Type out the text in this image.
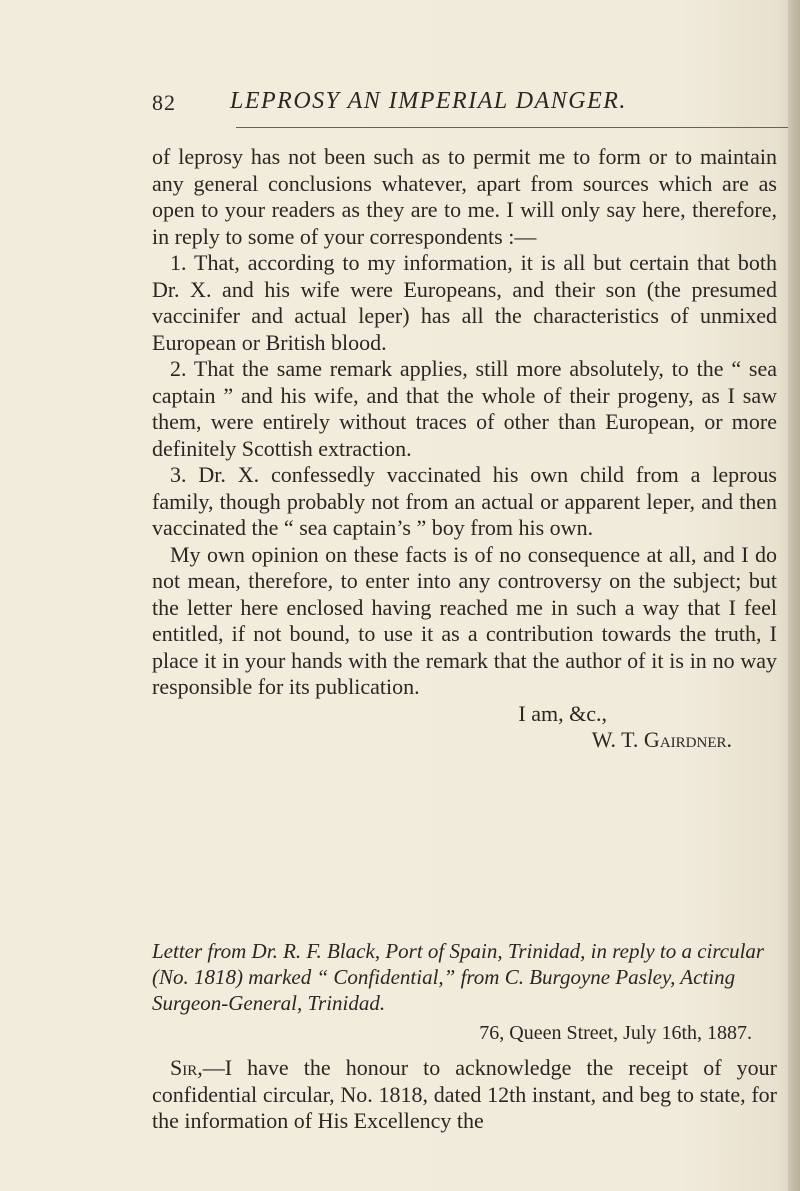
82 LEPROSY AN IMPERIAL DANGER.

of leprosy has not been such as to permit me to form or to maintain any general conclusions whatever, apart from sources which are as open to your readers as they are to me. I will only say here, therefore, in reply to some of your correspondents :—

1. That, according to my information, it is all but certain that both Dr. X. and his wife were Europeans, and their son (the presumed vaccinifer and actual leper) has all the characteristics of unmixed European or British blood.

2. That the same remark applies, still more absolutely, to the “ sea captain ” and his wife, and that the whole of their progeny, as I saw them, were entirely without traces of other than European, or more definitely Scottish extraction.

3. Dr. X. confessedly vaccinated his own child from a leprous family, though probably not from an actual or apparent leper, and then vaccinated the “ sea captain’s ” boy from his own.

My own opinion on these facts is of no consequence at all, and I do not mean, therefore, to enter into any controversy on the subject; but the letter here enclosed having reached me in such a way that I feel entitled, if not bound, to use it as a contribution towards the truth, I place it in your hands with the remark that the author of it is in no way responsible for its publication.

I am, &c.,
W. T. Gairdner.

Letter from Dr. R. F. Black, Port of Spain, Trinidad, in reply to a circular (No. 1818) marked “ Confidential,” from C. Burgoyne Pasley, Acting Surgeon-General, Trinidad.
76, Queen Street, July 16th, 1887.
Sir,—I have the honour to acknowledge the receipt of your confidential circular, No. 1818, dated 12th instant, and beg to state, for the information of His Excellency the
